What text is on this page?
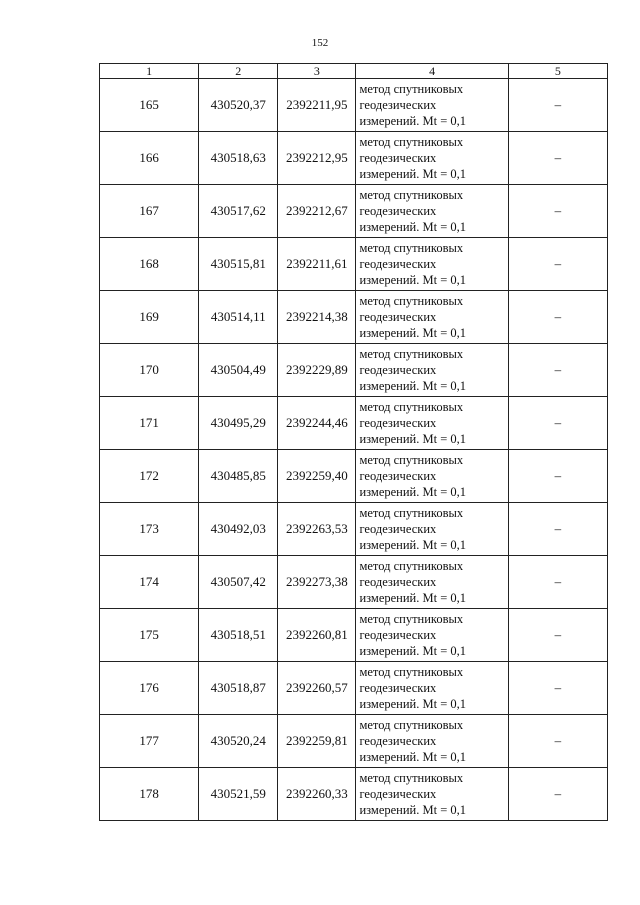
152
1	2	3	4	5
165	430520,37	2392211,95	метод спутниковых
геодезических
измерений. Mt = 0,1	–
166	430518,63	2392212,95	метод спутниковых
геодезических
измерений. Mt = 0,1	–
167	430517,62	2392212,67	метод спутниковых
геодезических
измерений. Mt = 0,1	–
168	430515,81	2392211,61	метод спутниковых
геодезических
измерений. Mt = 0,1	–
169	430514,11	2392214,38	метод спутниковых
геодезических
измерений. Mt = 0,1	–
170	430504,49	2392229,89	метод спутниковых
геодезических
измерений. Mt = 0,1	–
171	430495,29	2392244,46	метод спутниковых
геодезических
измерений. Mt = 0,1	–
172	430485,85	2392259,40	метод спутниковых
геодезических
измерений. Mt = 0,1	–
173	430492,03	2392263,53	метод спутниковых
геодезических
измерений. Mt = 0,1	–
174	430507,42	2392273,38	метод спутниковых
геодезических
измерений. Mt = 0,1	–
175	430518,51	2392260,81	метод спутниковых
геодезических
измерений. Mt = 0,1	–
176	430518,87	2392260,57	метод спутниковых
геодезических
измерений. Mt = 0,1	–
177	430520,24	2392259,81	метод спутниковых
геодезических
измерений. Mt = 0,1	–
178	430521,59	2392260,33	метод спутниковых
геодезических
измерений. Mt = 0,1	–
